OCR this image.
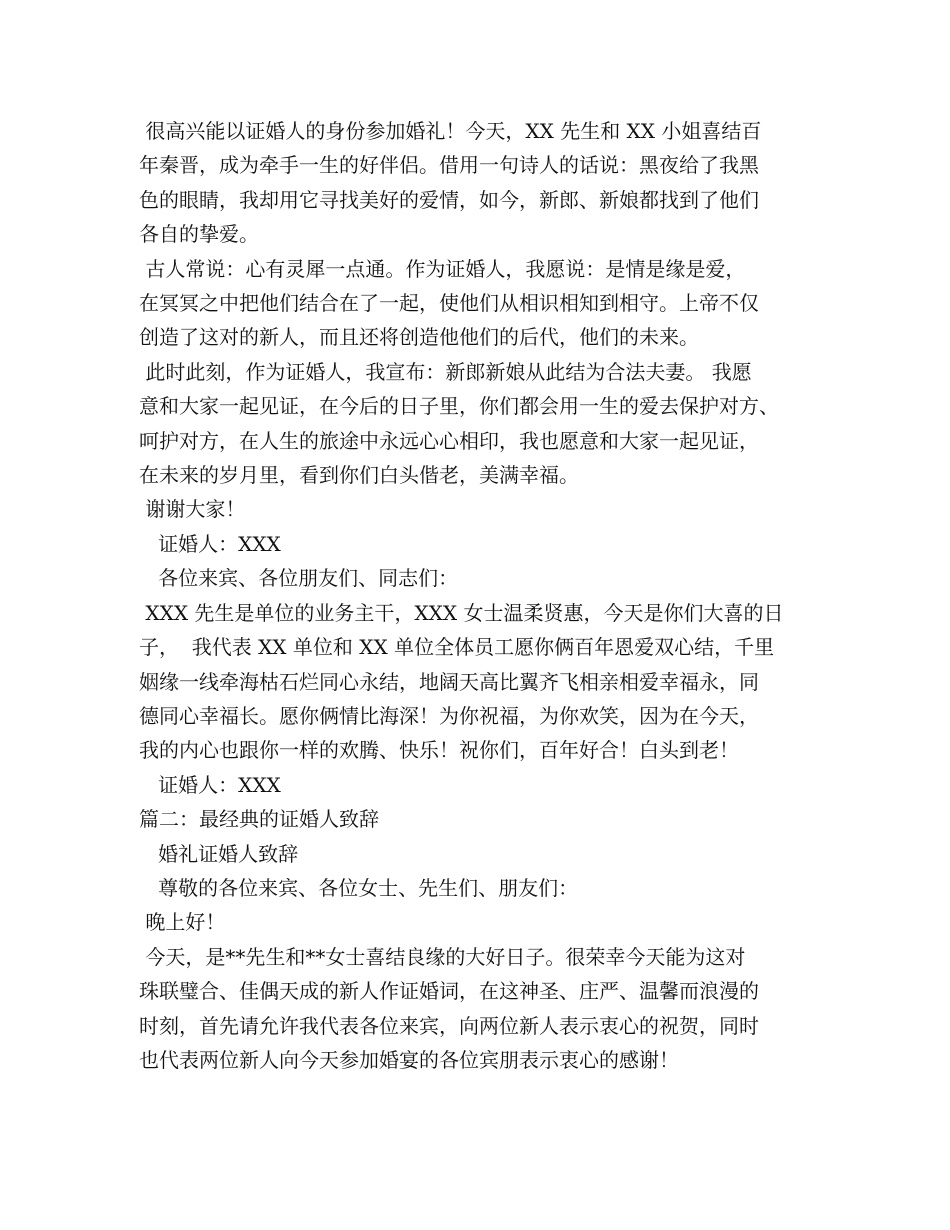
很高兴能以证婚人的身份参加婚礼！今天，XX 先生和 XX 小姐喜结百

年秦晋，成为牵手一生的好伴侣。借用一句诗人的话说：黑夜给了我黑

色的眼睛，我却用它寻找美好的爱情，如今，新郎、新娘都找到了他们

各自的挚爱。

古人常说：心有灵犀一点通。作为证婚人，我愿说：是情是缘是爱，

在冥冥之中把他们结合在了一起，使他们从相识相知到相守。上帝不仅

创造了这对的新人，而且还将创造他他们的后代，他们的未来。

此时此刻，作为证婚人，我宣布：新郎新娘从此结为合法夫妻。 我愿

意和大家一起见证，在今后的日子里，你们都会用一生的爱去保护对方、

呵护对方，在人生的旅途中永远心心相印，我也愿意和大家一起见证，

在未来的岁月里，看到你们白头偕老，美满幸福。

谢谢大家！

证婚人：XXX

各位来宾、各位朋友们、同志们：

XXX 先生是单位的业务主干，XXX 女士温柔贤惠，今天是你们大喜的日

子，  我代表 XX 单位和 XX 单位全体员工愿你俩百年恩爱双心结，千里

姻缘一线牵海枯石烂同心永结，地阔天高比翼齐飞相亲相爱幸福永，同

德同心幸福长。愿你俩情比海深！为你祝福，为你欢笑，因为在今天，

我的内心也跟你一样的欢腾、快乐！祝你们，百年好合！白头到老！

证婚人：XXX

篇二：最经典的证婚人致辞

婚礼证婚人致辞

尊敬的各位来宾、各位女士、先生们、朋友们：

晚上好！

今天，是**先生和**女士喜结良缘的大好日子。很荣幸今天能为这对

珠联璧合、佳偶天成的新人作证婚词，在这神圣、庄严、温馨而浪漫的

时刻，首先请允许我代表各位来宾，向两位新人表示衷心的祝贺，同时

也代表两位新人向今天参加婚宴的各位宾朋表示衷心的感谢！
